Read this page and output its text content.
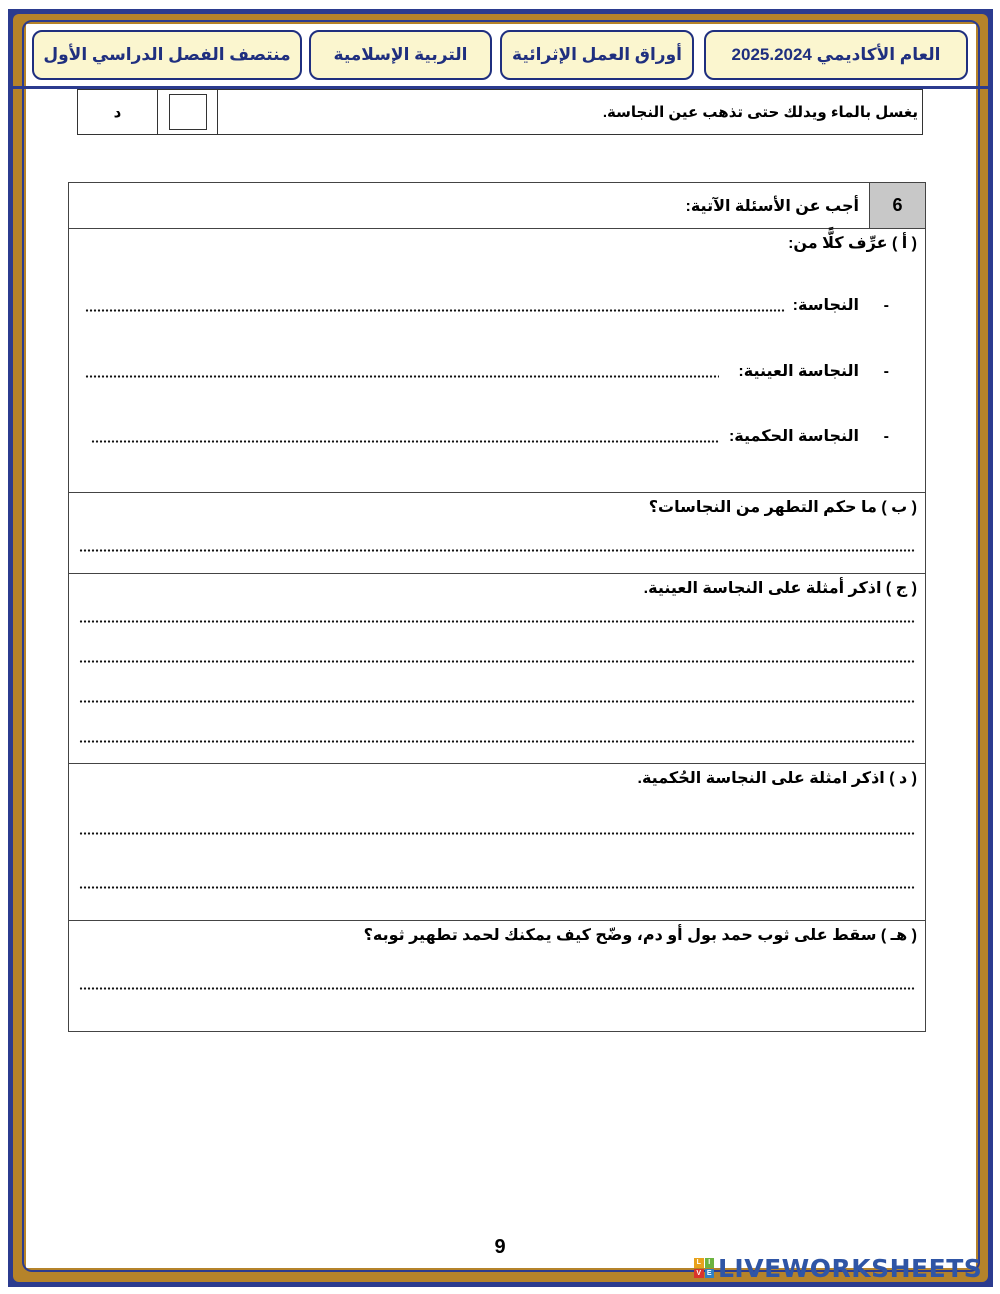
العام الأكاديمي 2025.2024
أوراق العمل الإثرائية
التربية الإسلامية
منتصف الفصل الدراسي الأول
د		يغسل بالماء ويدلك حتى تذهب عين النجاسة.
أجب عن الأسئلة الآتية:	6

( أ ) عرِّف كلًّا من:
-
النجاسة:
-
النجاسة العينية:
-
النجاسة الحكمية:

( ب ) ما حكم التطهر من النجاسات؟

( ج ) اذكر أمثلة على النجاسة العينية.

( د ) اذكر امثلة على النجاسة الحُكمية.

( هـ ) سقط على ثوب حمد بول أو دم، وضّح كيف يمكنك لحمد تطهير ثوبه؟
9
L	I
V E LIVEWORKSHEETS
